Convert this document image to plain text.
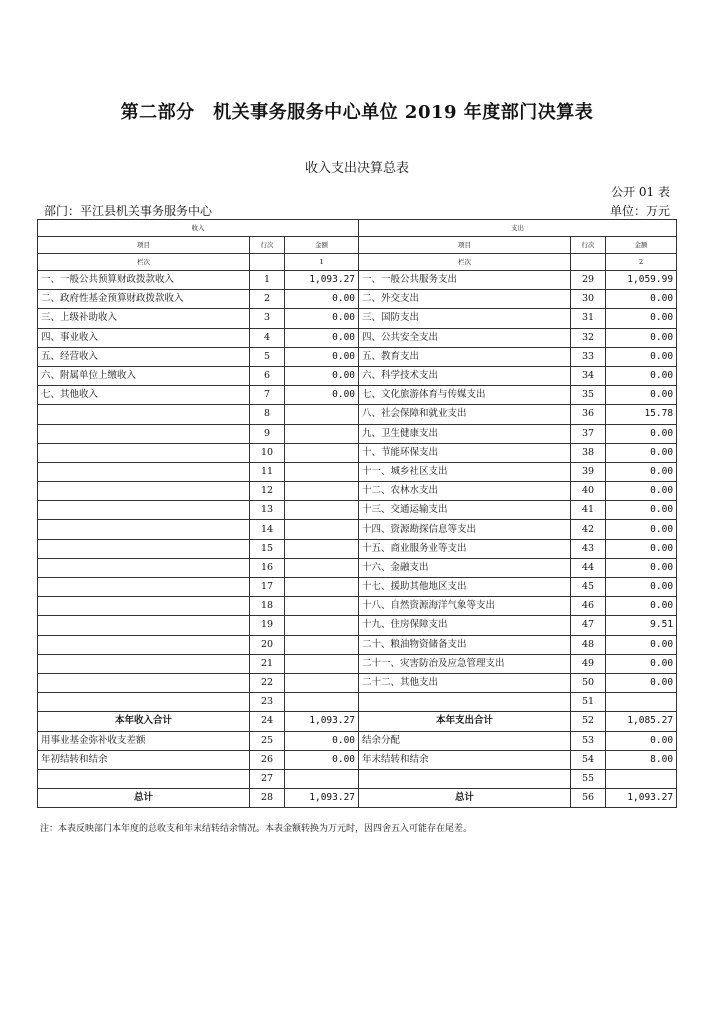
第二部分　机关事务服务中心单位 2019 年度部门决算表
收入支出决算总表
公开 01 表
部门：平江县机关事务服务中心	单位：万元
收入			支出		
项目	行次	金额	项目	行次	金额
栏次		1	栏次		2
一、一般公共预算财政拨款收入	1	1,093.27	一、一般公共服务支出	29	1,059.99
二、政府性基金预算财政拨款收入	2	0.00	二、外交支出	30	0.00
三、上级补助收入	3	0.00	三、国防支出	31	0.00
四、事业收入	4	0.00	四、公共安全支出	32	0.00
五、经营收入	5	0.00	五、教育支出	33	0.00
六、附属单位上缴收入	6	0.00	六、科学技术支出	34	0.00
七、其他收入	7	0.00	七、文化旅游体育与传媒支出	35	0.00
	8		八、社会保障和就业支出	36	15.78
	9		九、卫生健康支出	37	0.00
	10		十、节能环保支出	38	0.00
	11		十一、城乡社区支出	39	0.00
	12		十二、农林水支出	40	0.00
	13		十三、交通运输支出	41	0.00
	14		十四、资源勘探信息等支出	42	0.00
	15		十五、商业服务业等支出	43	0.00
	16		十六、金融支出	44	0.00
	17		十七、援助其他地区支出	45	0.00
	18		十八、自然资源海洋气象等支出	46	0.00
	19		十九、住房保障支出	47	9.51
	20		二十、粮油物资储备支出	48	0.00
	21		二十一、灾害防治及应急管理支出	49	0.00
	22		二十二、其他支出	50	0.00
	23			51	
本年收入合计	24	1,093.27	本年支出合计	52	1,085.27
用事业基金弥补收支差额	25	0.00	结余分配	53	0.00
年初结转和结余	26	0.00	年末结转和结余	54	8.00
	27			55	
总计	28	1,093.27	总计	56	1,093.27
注：本表反映部门本年度的总收支和年末结转结余情况。本表金额转换为万元时，因四舍五入可能存在尾差。
